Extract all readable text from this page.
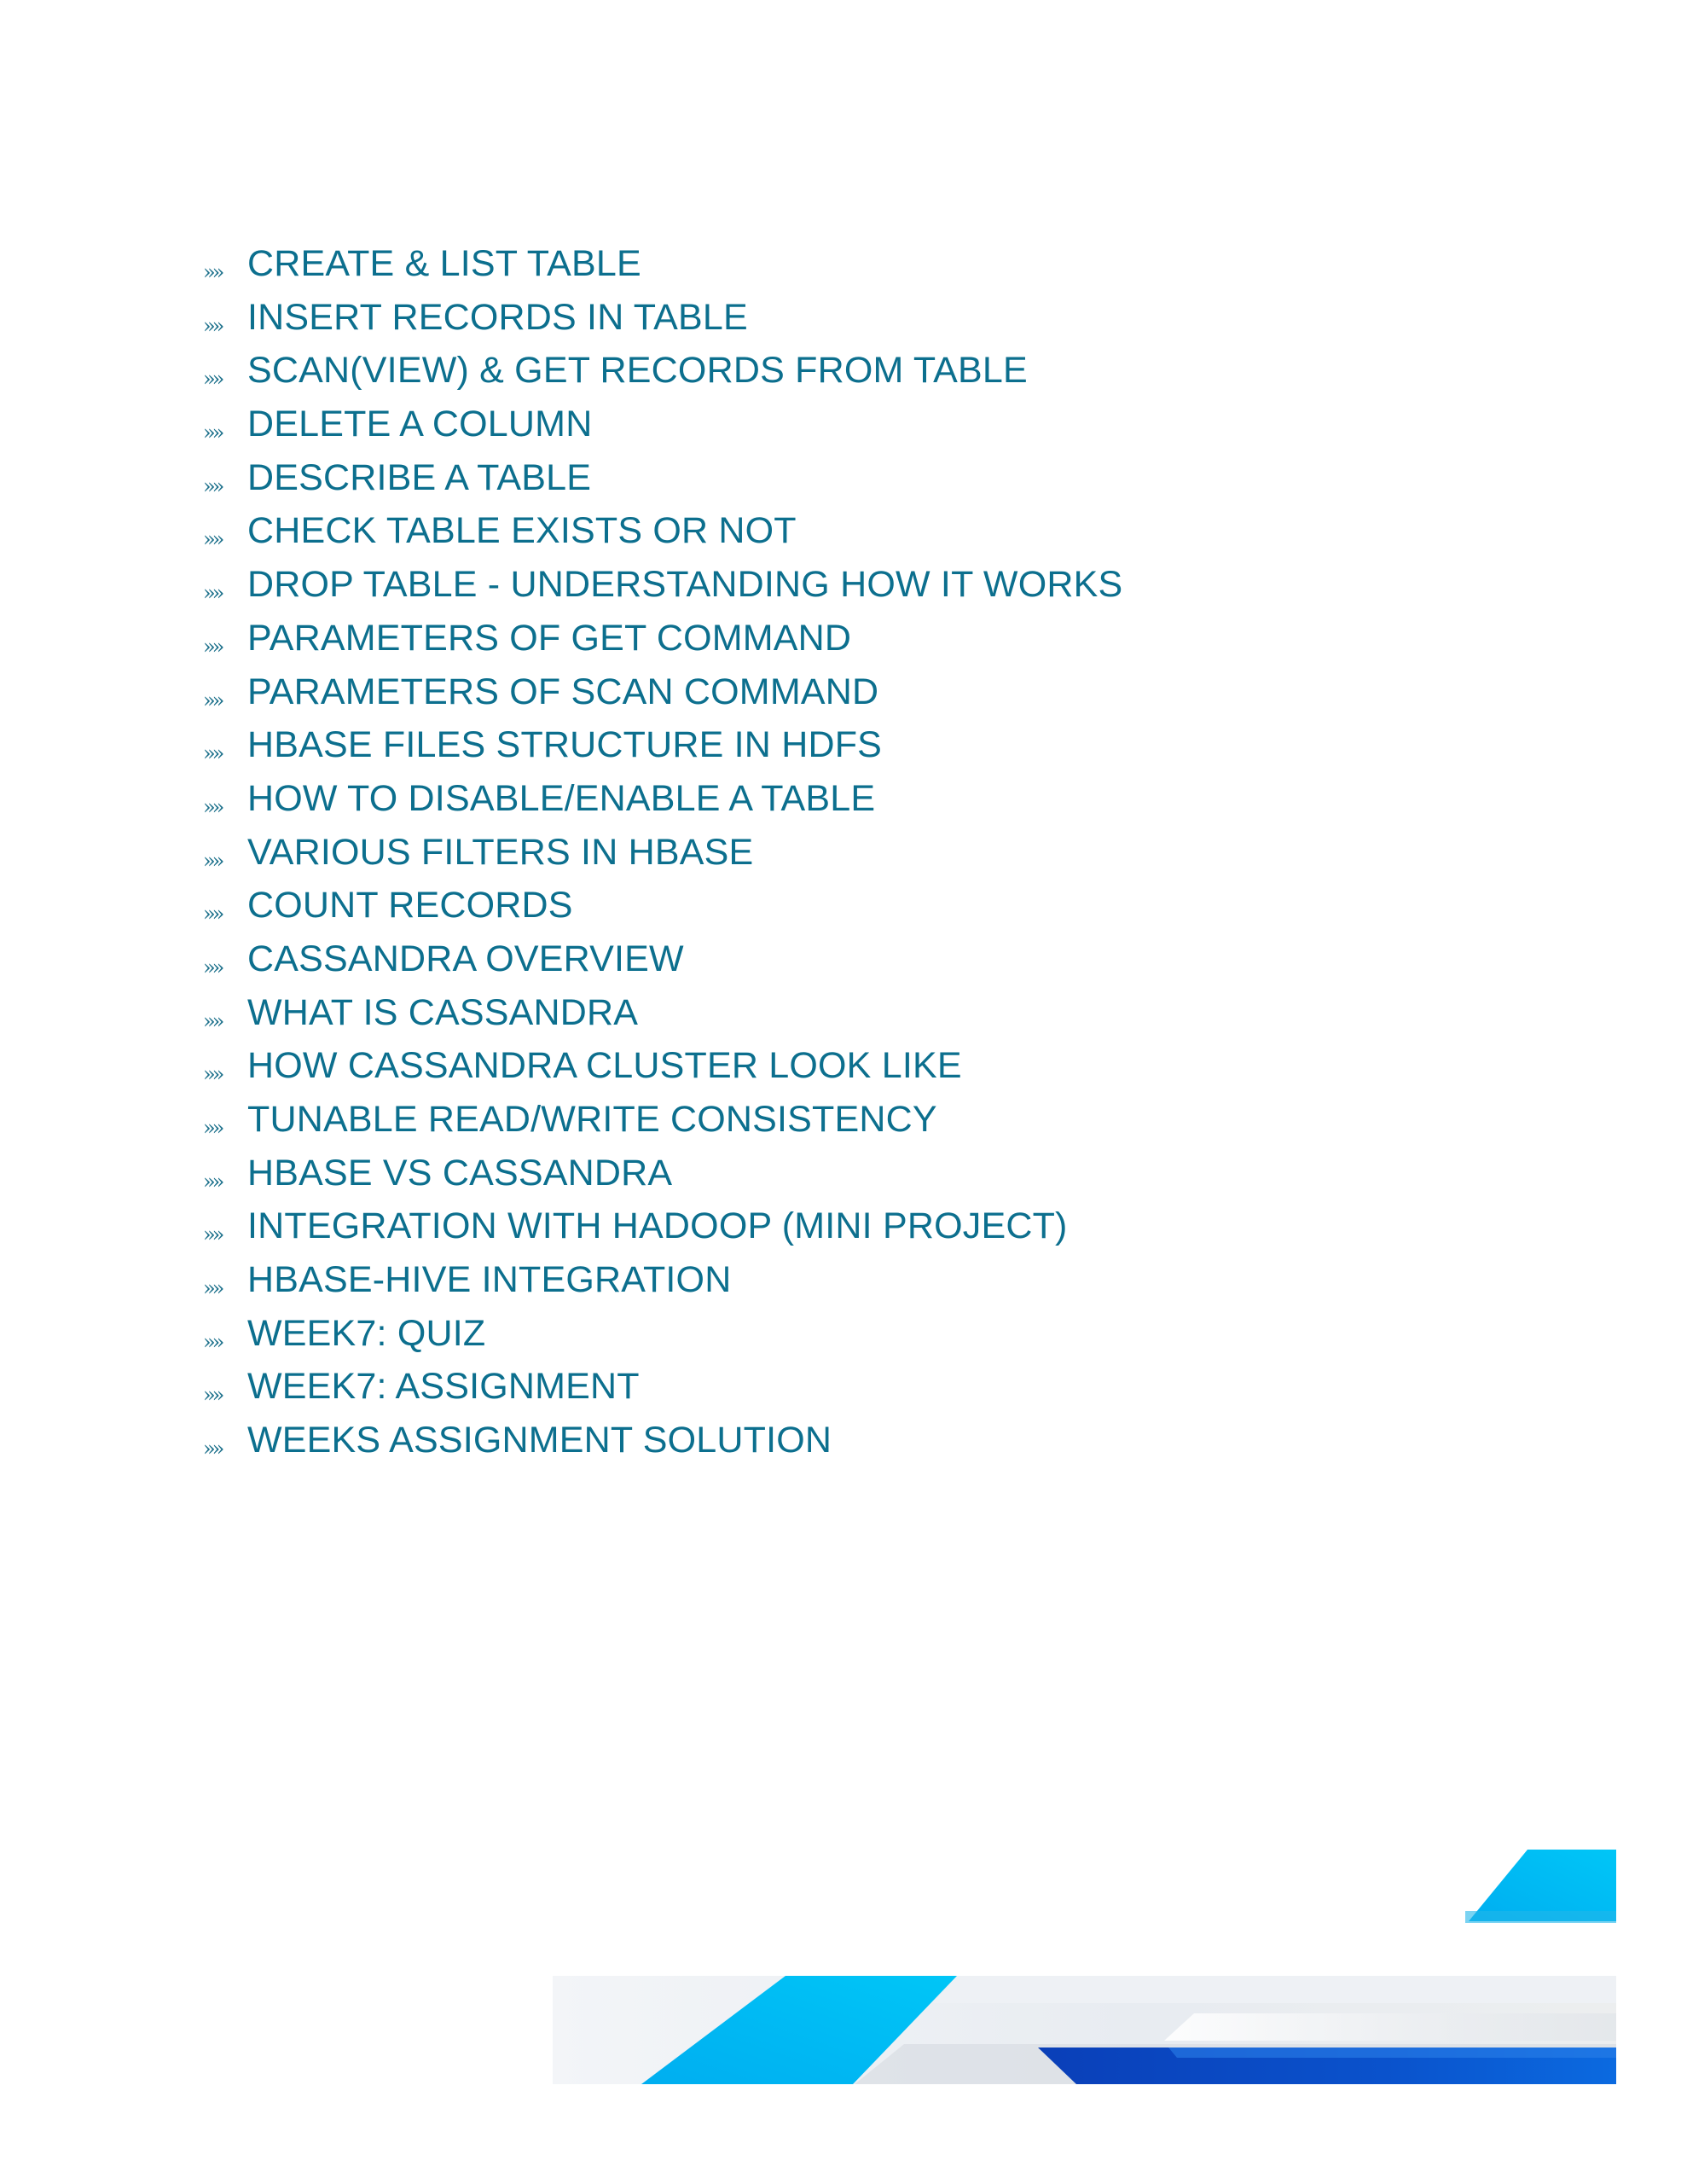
»» CREATE & LIST TABLE
»» INSERT RECORDS IN TABLE
»» SCAN(VIEW) & GET RECORDS FROM TABLE
»» DELETE A COLUMN
»» DESCRIBE A TABLE
»» CHECK TABLE EXISTS OR NOT
»» DROP TABLE - UNDERSTANDING HOW IT WORKS
»» PARAMETERS OF GET COMMAND
»» PARAMETERS OF SCAN COMMAND
»» HBASE FILES STRUCTURE IN HDFS
»» HOW TO DISABLE/ENABLE A TABLE
»» VARIOUS FILTERS IN HBASE
»» COUNT RECORDS
»» CASSANDRA OVERVIEW
»» WHAT IS CASSANDRA
»» HOW CASSANDRA CLUSTER LOOK LIKE
»» TUNABLE READ/WRITE CONSISTENCY
»» HBASE VS CASSANDRA
»» INTEGRATION WITH HADOOP (MINI PROJECT)
»» HBASE-HIVE INTEGRATION
»» WEEK7: QUIZ
»» WEEK7: ASSIGNMENT
»» WEEKS ASSIGNMENT SOLUTION
